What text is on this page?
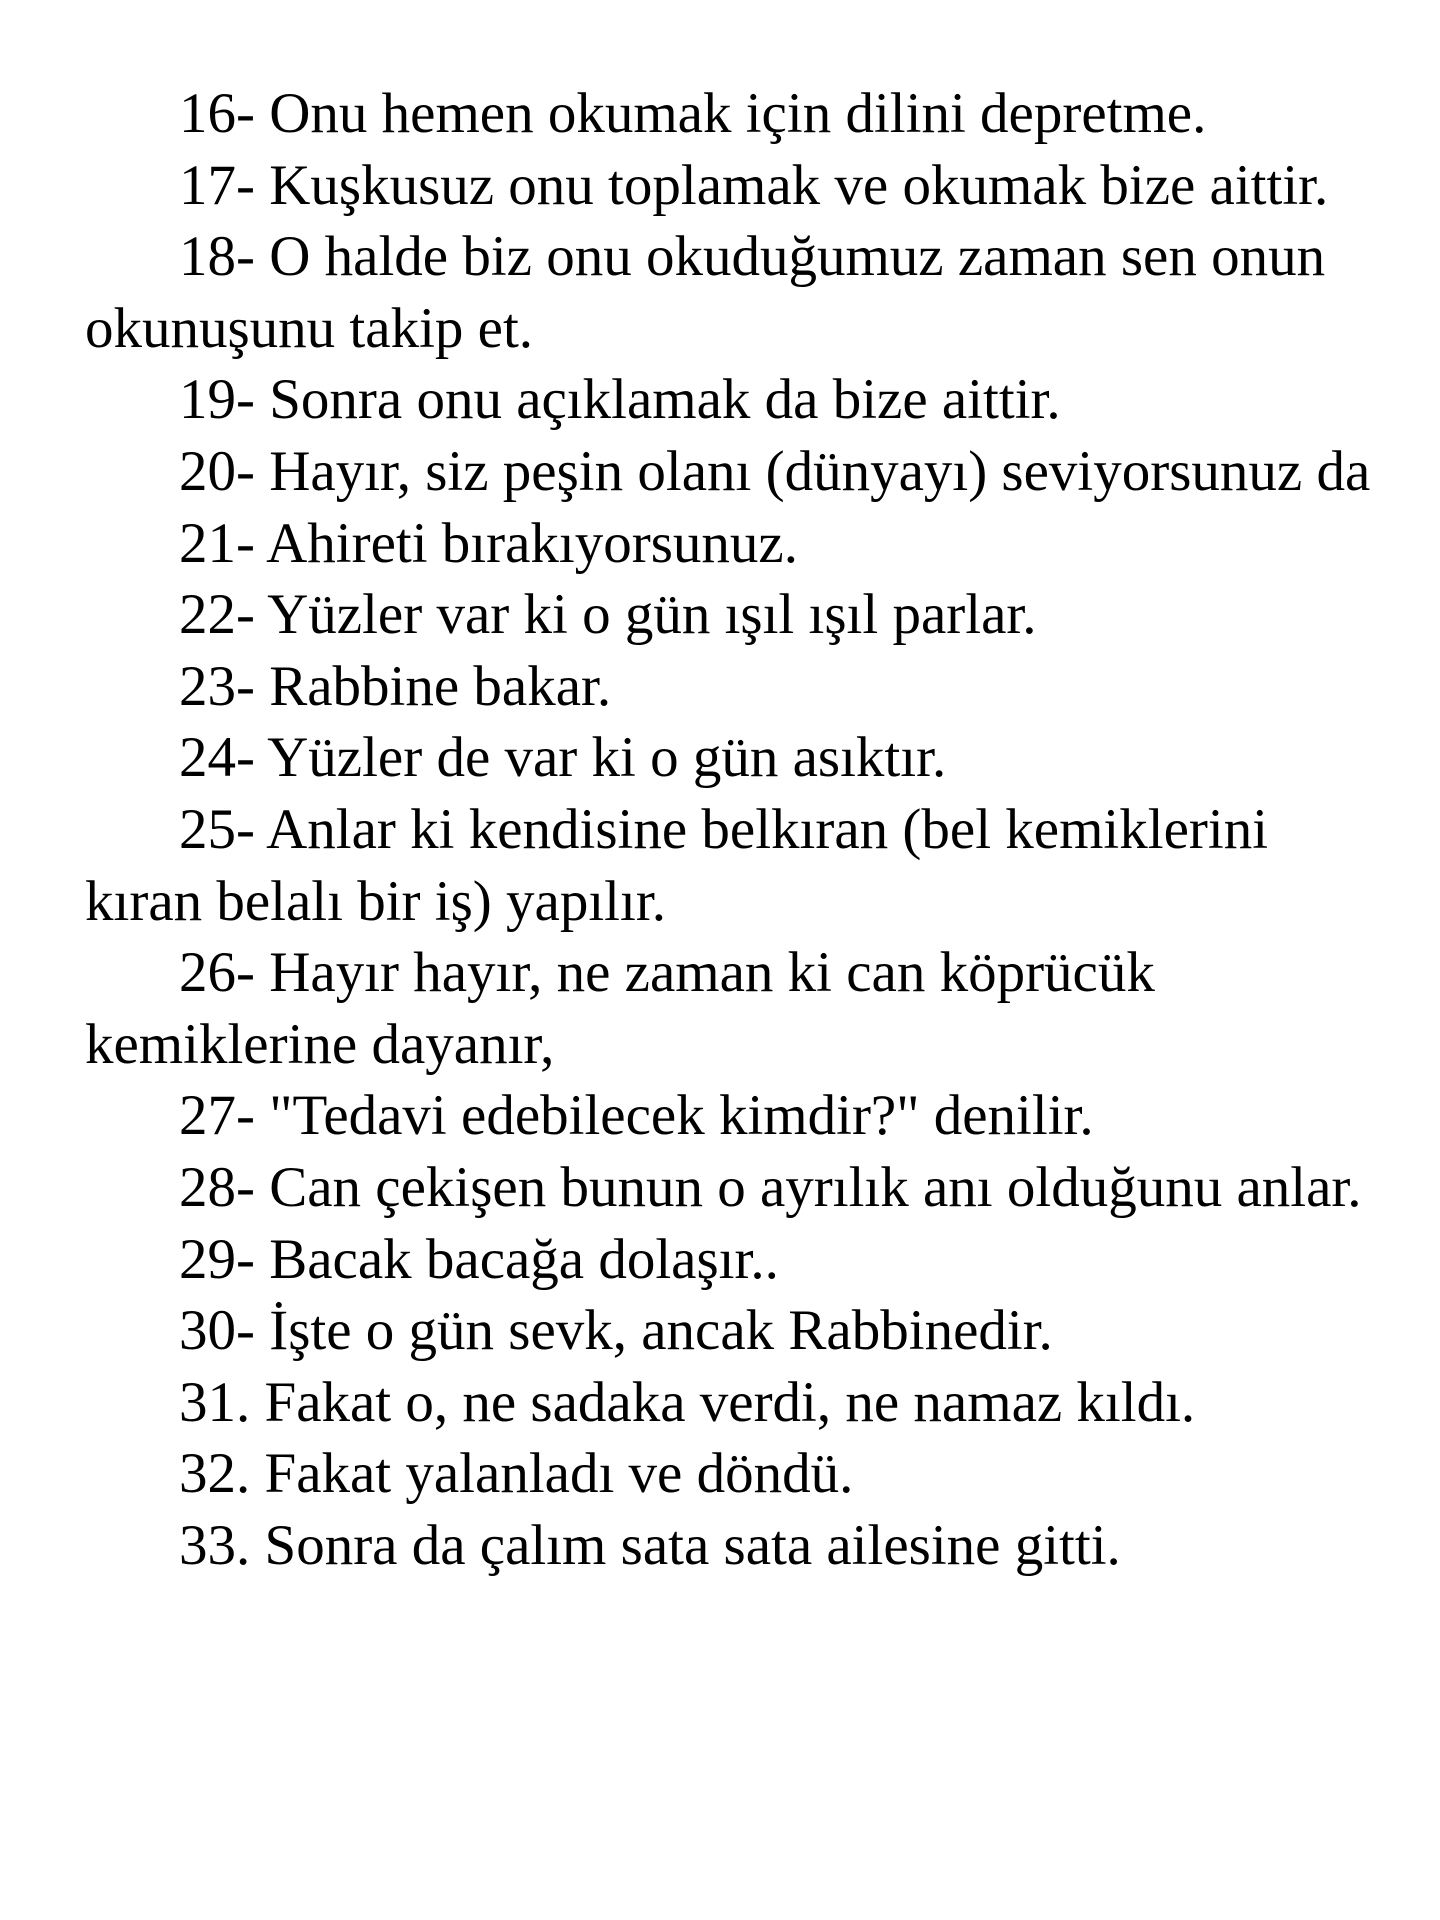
16- Onu hemen okumak için dilini depretme.

17- Kuşkusuz onu toplamak ve okumak bize aittir.

18- O halde biz onu okuduğumuz zaman sen onun okunuşunu takip et.

19- Sonra onu açıklamak da bize aittir.

20- Hayır, siz peşin olanı (dünyayı) seviyorsunuz da

21- Ahireti bırakıyorsunuz.

22- Yüzler var ki o gün ışıl ışıl parlar.

23- Rabbine bakar.

24- Yüzler de var ki o gün asıktır.

25- Anlar ki kendisine belkıran (bel kemiklerini kıran belalı bir iş) yapılır.

26- Hayır hayır, ne zaman ki can köprücük kemiklerine dayanır,

27- "Tedavi edebilecek kimdir?" denilir.

28- Can çekişen bunun o ayrılık anı olduğunu anlar.

29- Bacak bacağa dolaşır..

30- İşte o gün sevk, ancak Rabbinedir.

31. Fakat o, ne sadaka verdi, ne namaz kıldı.

32. Fakat yalanladı ve döndü.

33. Sonra da çalım sata sata ailesine gitti.
